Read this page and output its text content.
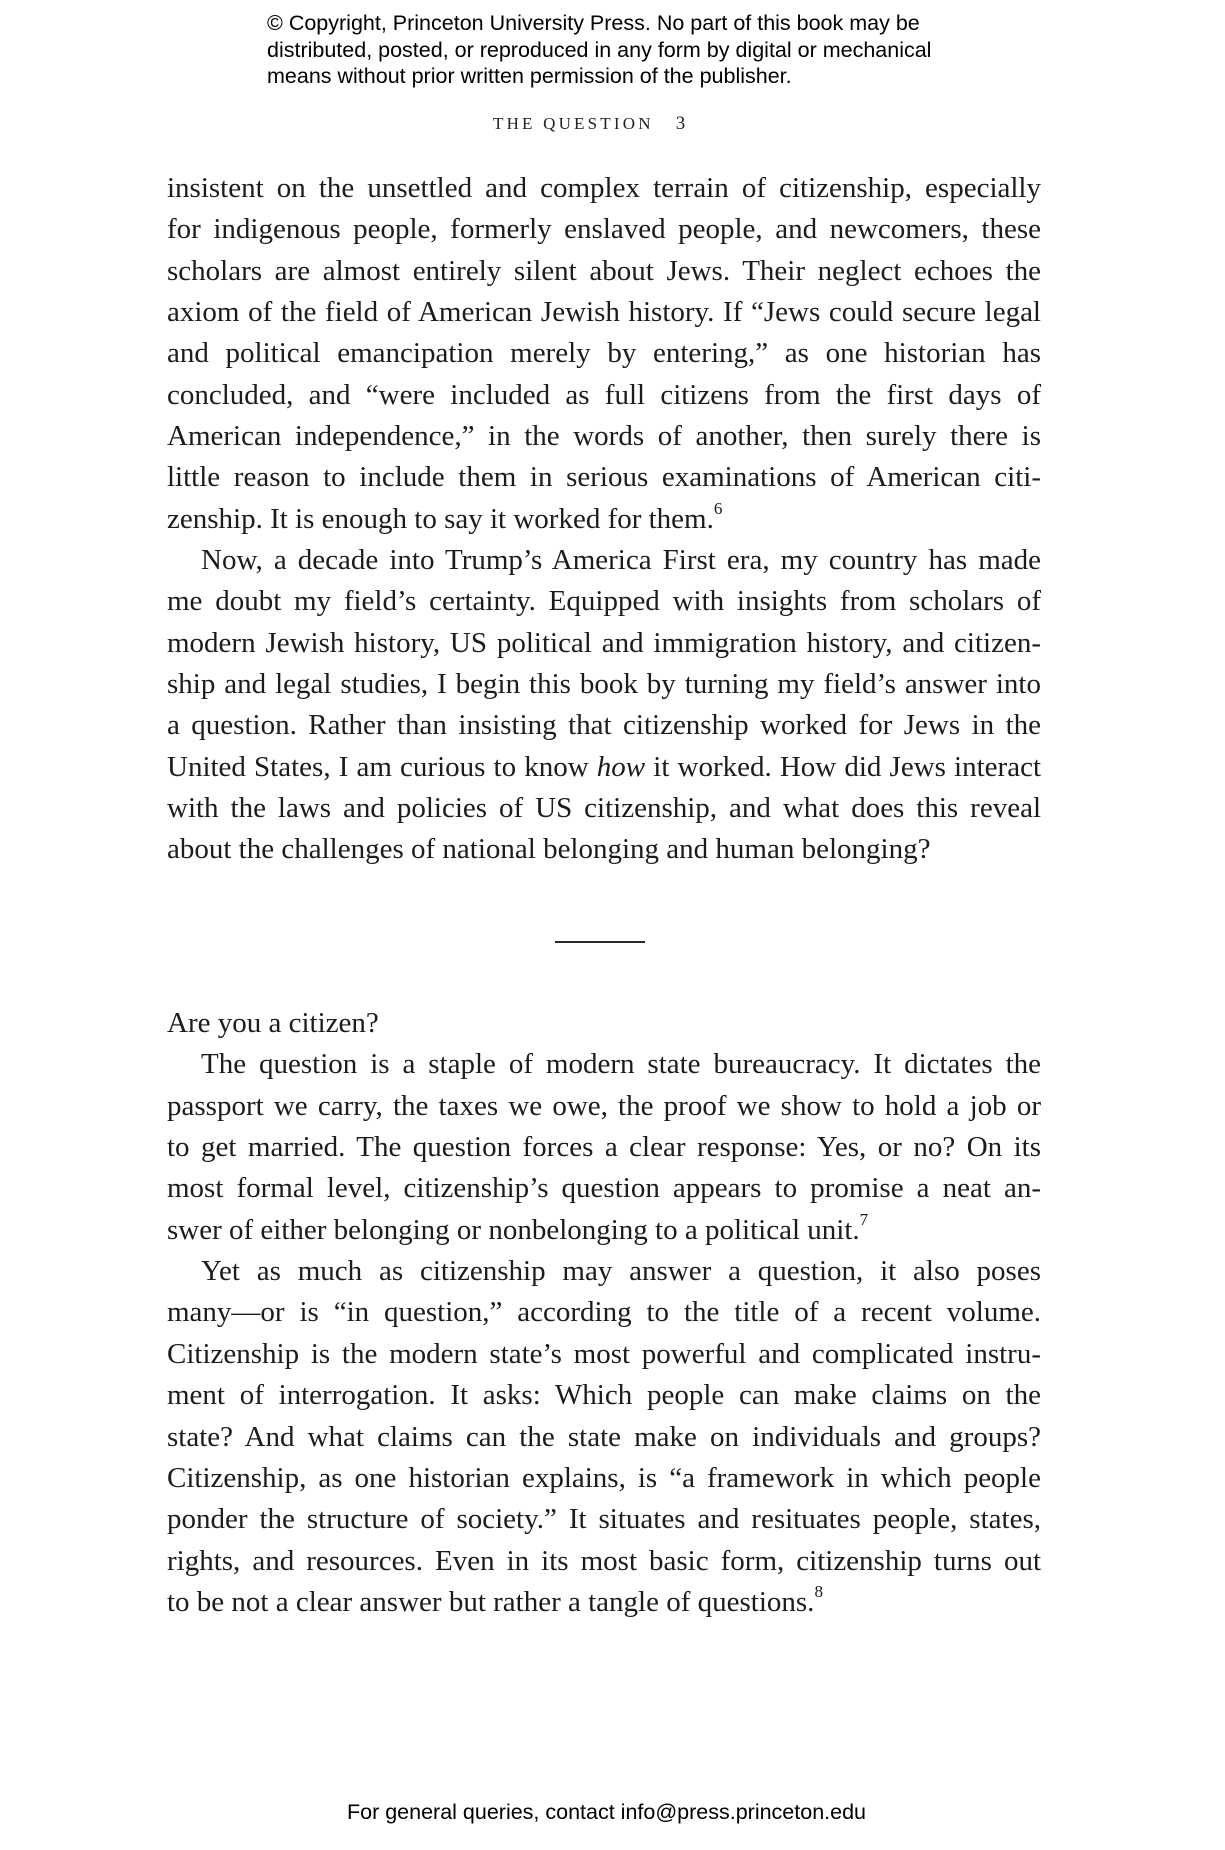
© Copyright, Princeton University Press. No part of this book may be
distributed, posted, or reproduced in any form by digital or mechanical
means without prior written permission of the publisher.
THE QUESTION 3
insistent on the unsettled and complex terrain of citizenship, especially
for indigenous people, formerly enslaved people, and newcomers, these
scholars are almost entirely silent about Jews. Their neglect echoes the
axiom of the field of American Jewish history. If “Jews could secure legal
and political emancipation merely by entering,” as one historian has
concluded, and “were included as full citizens from the first days of
American independence,” in the words of another, then surely there is
little reason to include them in serious examinations of American citi-
zenship. It is enough to say it worked for them.$^6$
Now, a decade into Trump’s America First era, my country has made
me doubt my field’s certainty. Equipped with insights from scholars of
modern Jewish history, US political and immigration history, and citizen-
ship and legal studies, I begin this book by turning my field’s answer into
a question. Rather than insisting that citizenship worked for Jews in the
United States, I am curious to know how it worked. How did Jews interact
with the laws and policies of US citizenship, and what does this reveal
about the challenges of national belonging and human belonging?
Are you a citizen?
The question is a staple of modern state bureaucracy. It dictates the
passport we carry, the taxes we owe, the proof we show to hold a job or
to get married. The question forces a clear response: Yes, or no? On its
most formal level, citizenship’s question appears to promise a neat an-
swer of either belonging or nonbelonging to a political unit.$^7$
Yet as much as citizenship may answer a question, it also poses
many—or is “in question,” according to the title of a recent volume.
Citizenship is the modern state’s most powerful and complicated instru-
ment of interrogation. It asks: Which people can make claims on the
state? And what claims can the state make on individuals and groups?
Citizenship, as one historian explains, is “a framework in which people
ponder the structure of society.” It situates and resituates people, states,
rights, and resources. Even in its most basic form, citizenship turns out
to be not a clear answer but rather a tangle of questions.$^8$
For general queries, contact info@press.princeton.edu
